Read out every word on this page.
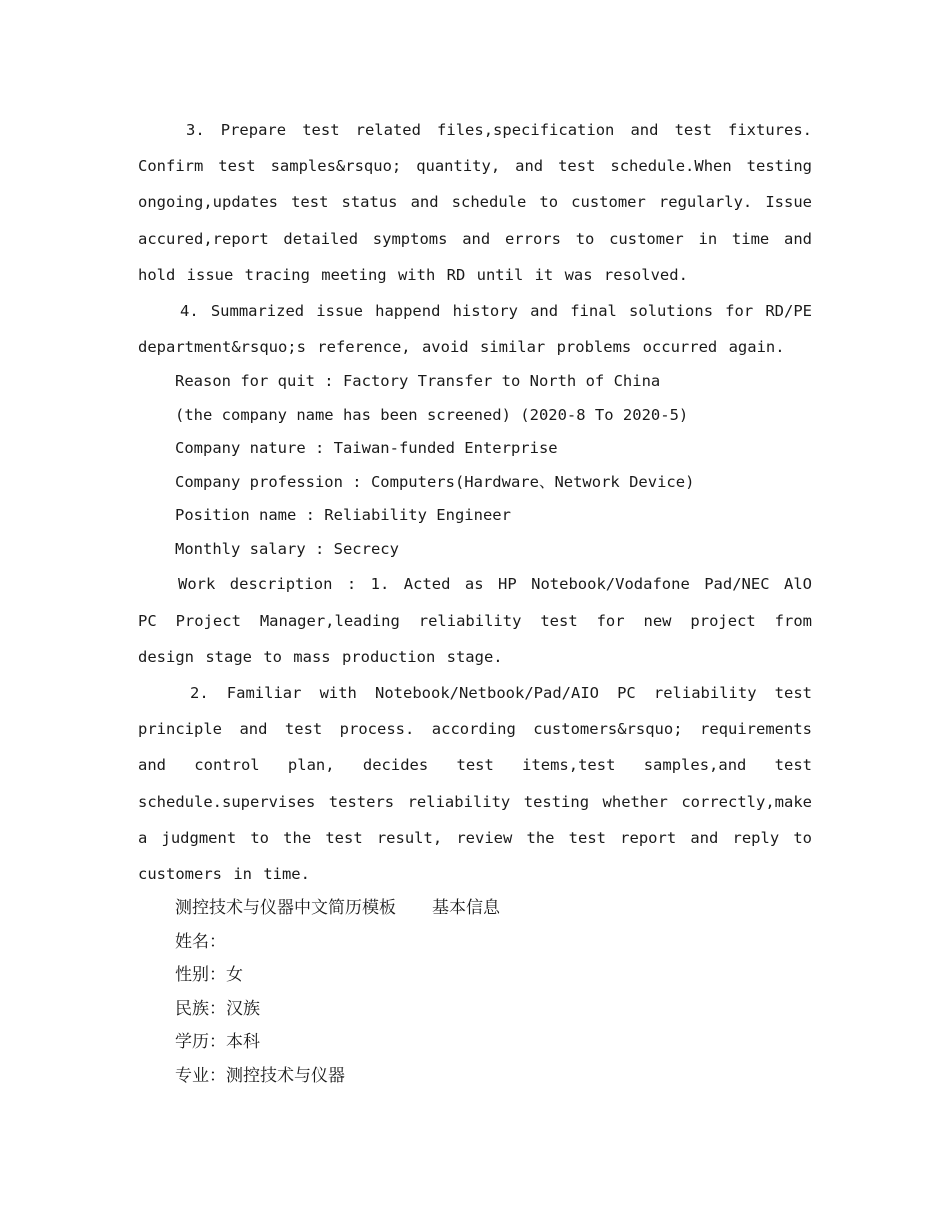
3. Prepare test related files,specification and test fixtures. Confirm test samples&rsquo; quantity, and test schedule.When testing ongoing,updates test status and schedule to customer regularly. Issue accured,report detailed symptoms and errors to customer in time and hold issue tracing meeting with RD until it was resolved.

4. Summarized issue happend history and final solutions for RD/PE department&rsquo;s reference, avoid similar problems occurred again.

Reason for quit : Factory Transfer to North of China

(the company name has been screened) (2020-8 To 2020-5)

Company nature : Taiwan-funded Enterprise

Company profession : Computers(Hardware、Network Device)

Position name : Reliability Engineer

Monthly salary : Secrecy

Work description : 1. Acted as HP Notebook/Vodafone Pad/NEC AlO PC Project Manager,leading reliability test for new project from design stage to mass production stage.

2. Familiar with Notebook/Netbook/Pad/AIO PC reliability test principle and test process. according customers&rsquo; requirements and control plan, decides test items,test samples,and test schedule.supervises testers reliability testing whether correctly,make a judgment to the test result, review the test report and reply to customers in time.

测控技术与仪器中文简历模板 基本信息

姓名：

性别：女

民族：汉族

学历：本科

专业：测控技术与仪器
